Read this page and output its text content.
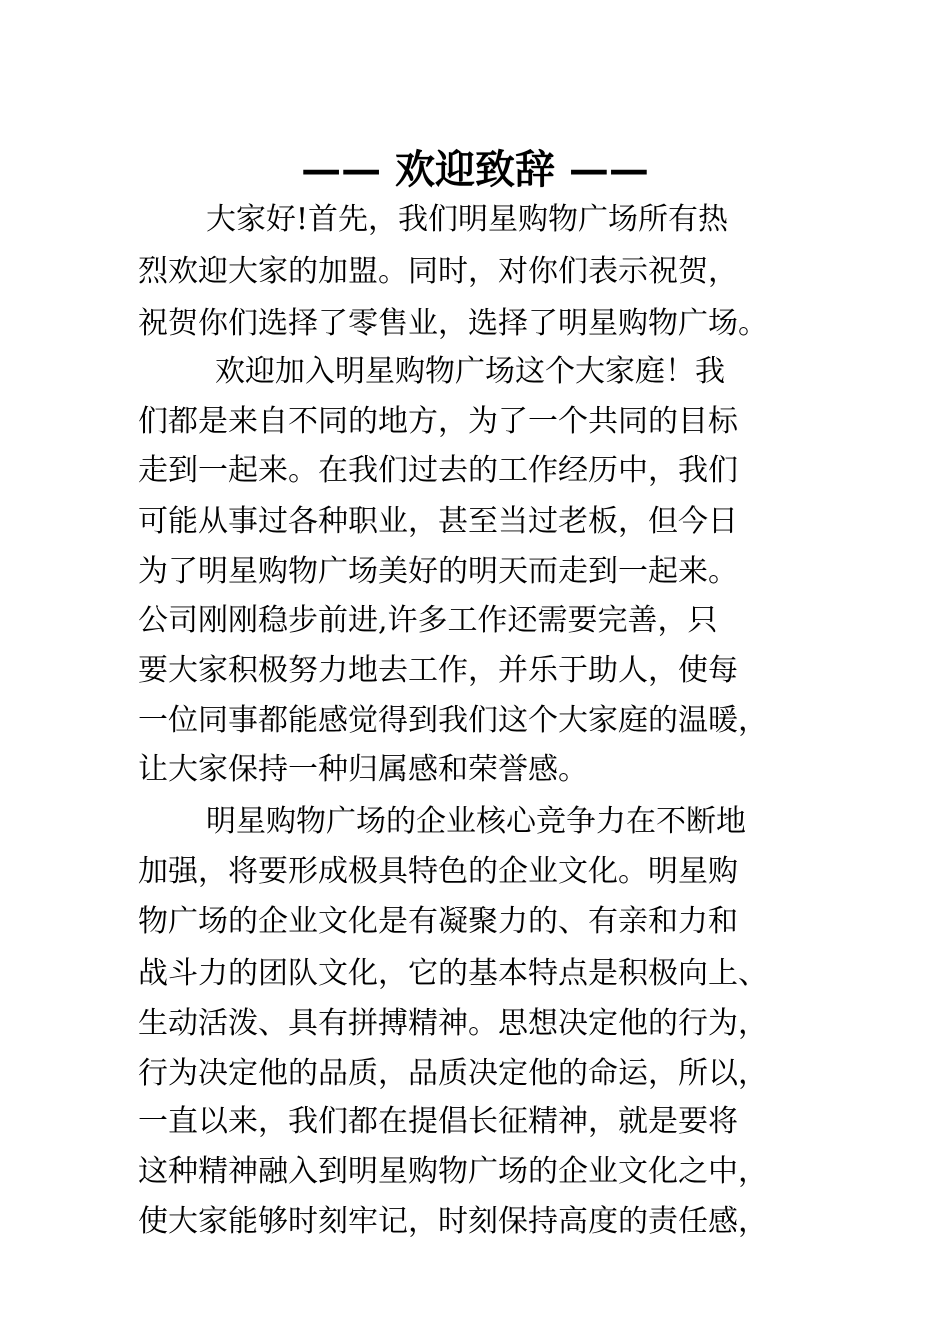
—— 欢迎致辞 ——
大家好!首先，我们明星购物广场所有热
烈欢迎大家的加盟。同时，对你们表示祝贺，
祝贺你们选择了零售业，选择了明星购物广场。
欢迎加入明星购物广场这个大家庭！我
们都是来自不同的地方，为了一个共同的目标
走到一起来。在我们过去的工作经历中，我们
可能从事过各种职业，甚至当过老板，但今日
为了明星购物广场美好的明天而走到一起来。
公司刚刚稳步前进,许多工作还需要完善，只
要大家积极努力地去工作，并乐于助人，使每
一位同事都能感觉得到我们这个大家庭的温暖，
让大家保持一种归属感和荣誉感。
明星购物广场的企业核心竞争力在不断地
加强，将要形成极具特色的企业文化。明星购
物广场的企业文化是有凝聚力的、有亲和力和
战斗力的团队文化，它的基本特点是积极向上、
生动活泼、具有拼搏精神。思想决定他的行为，
行为决定他的品质，品质决定他的命运，所以，
一直以来，我们都在提倡长征精神，就是要将
这种精神融入到明星购物广场的企业文化之中，
使大家能够时刻牢记，时刻保持高度的责任感，
